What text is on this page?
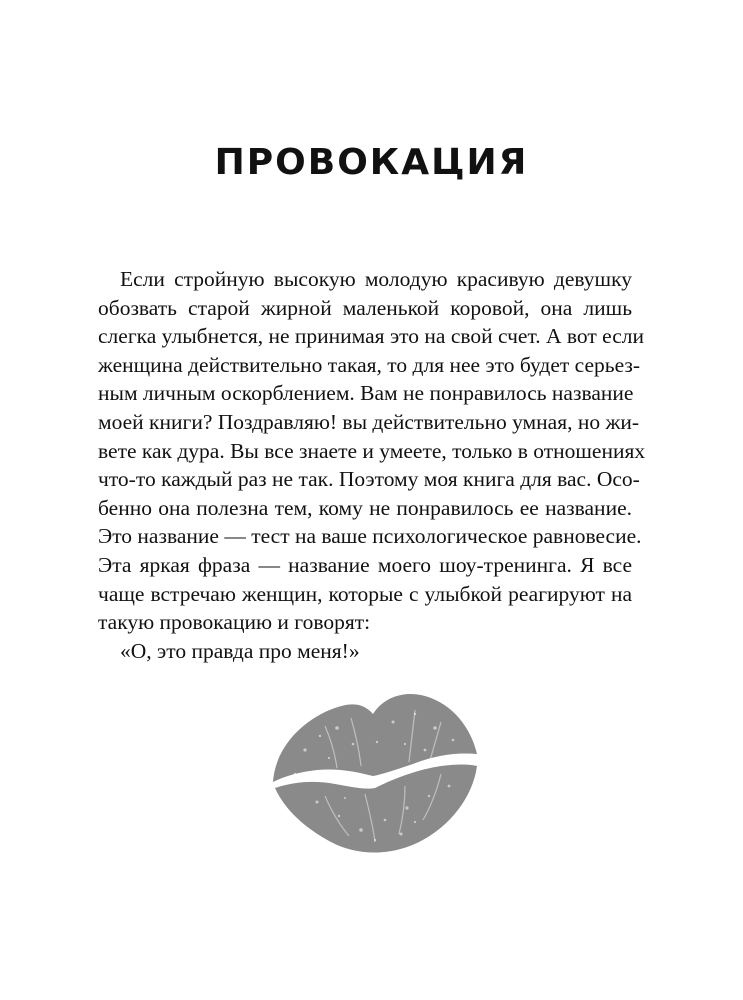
ПРОВОКАЦИЯ
Если стройную высокую молодую красивую девушку
обозвать старой жирной маленькой коровой, она лишь
слегка улыбнется, не принимая это на свой счет. А вот если
женщина действительно такая, то для нее это будет серьез-
ным личным оскорблением. Вам не понравилось название
моей книги? Поздравляю! вы действительно умная, но жи-
вете как дура. Вы все знаете и умеете, только в отношениях
что-то каждый раз не так. Поэтому моя книга для вас. Осо-
бенно она полезна тем, кому не понравилось ее название.
Это название — тест на ваше психологическое равновесие.
Эта яркая фраза — название моего шоу-тренинга. Я все
чаще встречаю женщин, которые с улыбкой реагируют на
такую провокацию и говорят:
«О, это правда про меня!»
